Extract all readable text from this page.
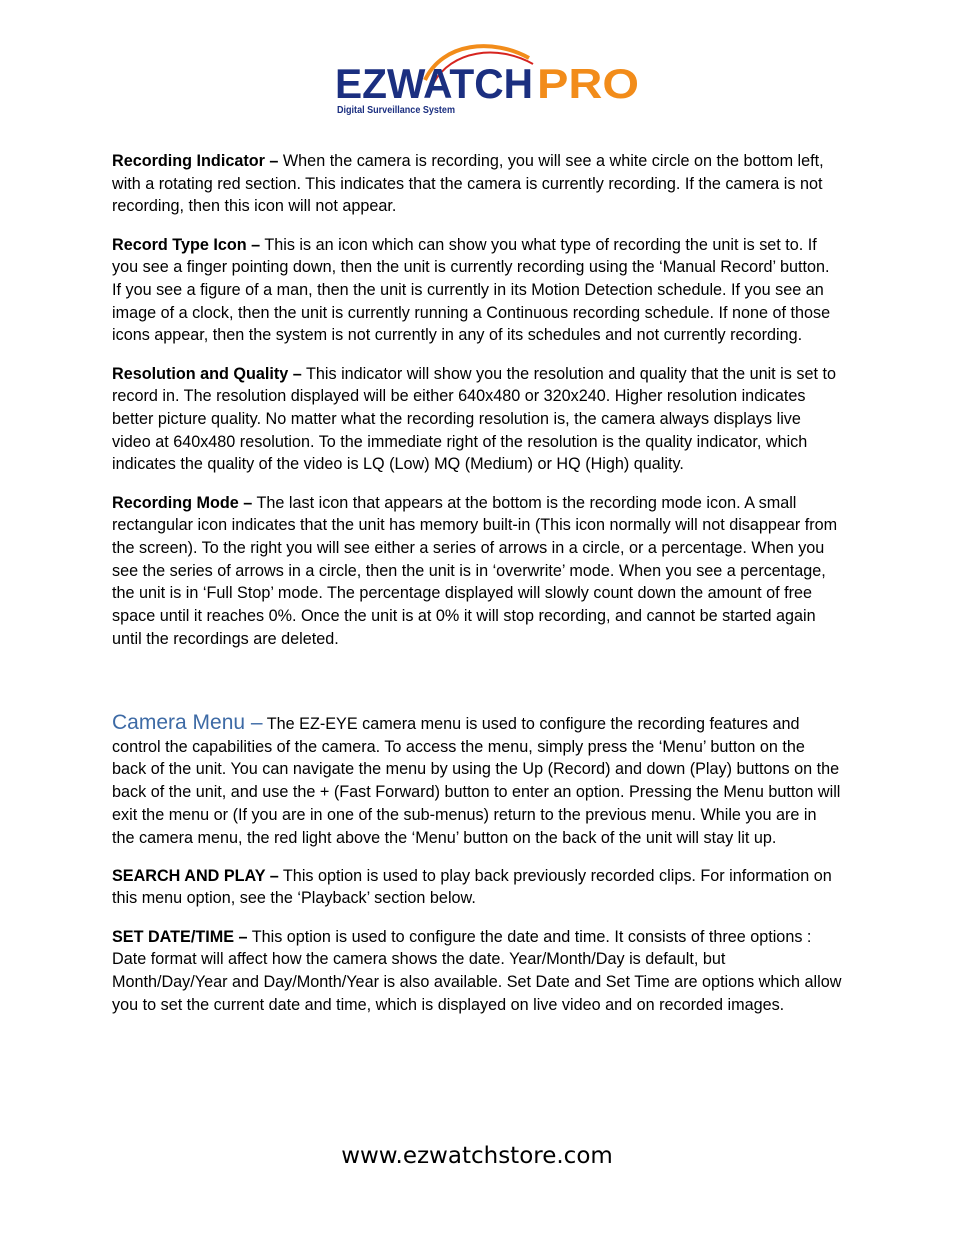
EZWATCH PRO
Digital Surveillance System

Recording Indicator – When the camera is recording, you will see a white circle on the bottom left, with a rotating red section. This indicates that the camera is currently recording. If the camera is not recording, then this icon will not appear.

Record Type Icon – This is an icon which can show you what type of recording the unit is set to. If you see a finger pointing down, then the unit is currently recording using the ‘Manual Record’ button. If you see a figure of a man, then the unit is currently in its Motion Detection schedule. If you see an image of a clock, then the unit is currently running a Continuous recording schedule. If none of those icons appear, then the system is not currently in any of its schedules and not currently recording.

Resolution and Quality – This indicator will show you the resolution and quality that the unit is set to record in. The resolution displayed will be either 640x480 or 320x240. Higher resolution indicates better picture quality. No matter what the recording resolution is, the camera always displays live video at 640x480 resolution. To the immediate right of the resolution is the quality indicator, which indicates the quality of the video is LQ (Low) MQ (Medium) or HQ (High) quality.

Recording Mode – The last icon that appears at the bottom is the recording mode icon. A small rectangular icon indicates that the unit has memory built-in (This icon normally will not disappear from the screen). To the right you will see either a series of arrows in a circle, or a percentage. When you see the series of arrows in a circle, then the unit is in ‘overwrite’ mode. When you see a percentage, the unit is in ‘Full Stop’ mode. The percentage displayed will slowly count down the amount of free space until it reaches 0%. Once the unit is at 0% it will stop recording, and cannot be started again until the recordings are deleted.

Camera Menu – The EZ-EYE camera menu is used to configure the recording features and control the capabilities of the camera. To access the menu, simply press the ‘Menu’ button on the back of the unit. You can navigate the menu by using the Up (Record) and down (Play) buttons on the back of the unit, and use the + (Fast Forward) button to enter an option. Pressing the Menu button will exit the menu or (If you are in one of the sub-menus) return to the previous menu. While you are in the camera menu, the red light above the ‘Menu’ button on the back of the unit will stay lit up.

SEARCH AND PLAY – This option is used to play back previously recorded clips. For information on this menu option, see the ‘Playback’ section below.

SET DATE/TIME – This option is used to configure the date and time. It consists of three options : Date format will affect how the camera shows the date. Year/Month/Day is default, but Month/Day/Year and Day/Month/Year is also available. Set Date and Set Time are options which allow you to set the current date and time, which is displayed on live video and on recorded images.

www.ezwatchstore.com
